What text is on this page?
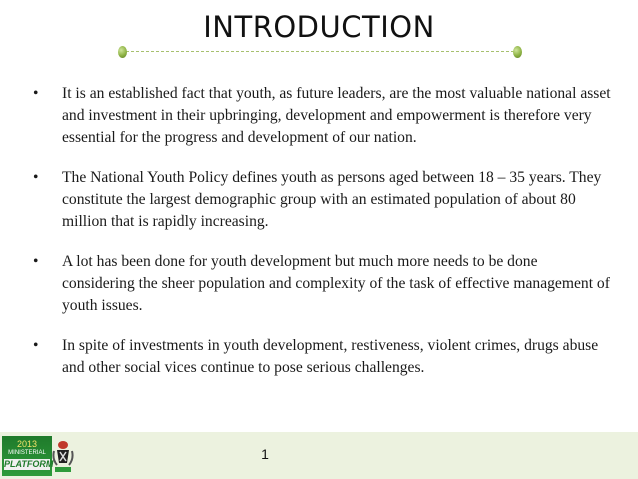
INTRODUCTION
• It is an established fact that youth, as future leaders, are the most valuable national asset and investment in their upbringing, development and empowerment is therefore very essential for the progress and development of our nation.
• The National Youth Policy defines youth as persons aged between 18 – 35 years. They constitute the largest demographic group with an estimated population of about 80 million that is rapidly increasing.
• A lot has been done for youth development but much more needs to be done considering the sheer population and complexity of the task of effective management of youth issues.
• In spite of investments in youth development, restiveness, violent crimes, drugs abuse and other social vices continue to pose serious challenges.
2013
MINISTERIAL
PLATFORM
1
